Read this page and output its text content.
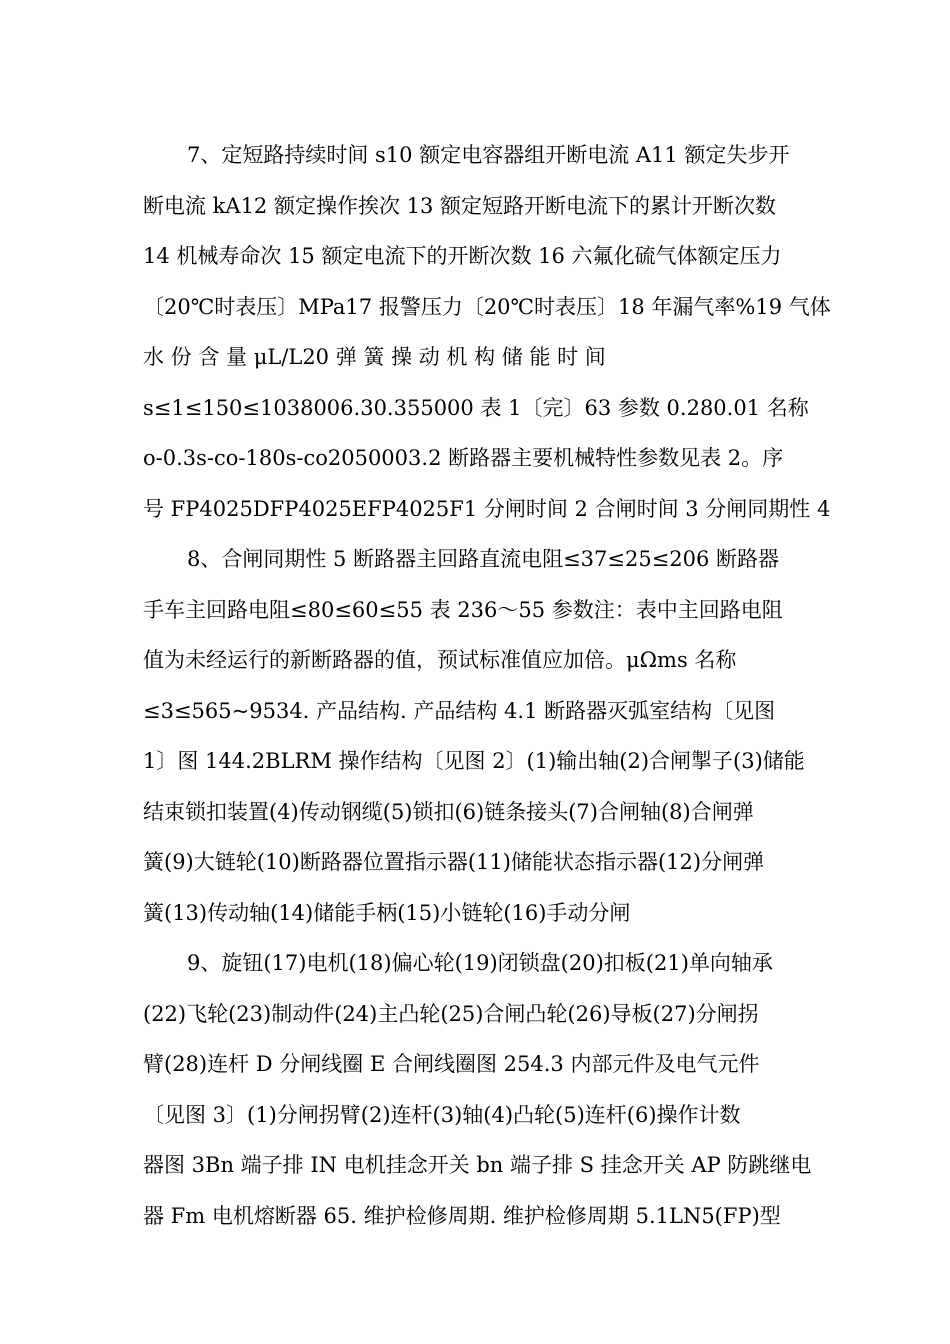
7、定短路持续时间 s10 额定电容器组开断电流 A11 额定失步开
断电流 kA12 额定操作挨次 13 额定短路开断电流下的累计开断次数
14 机械寿命次 15 额定电流下的开断次数 16 六氟化硫气体额定压力
〔20℃时表压〕MPa17 报警压力〔20℃时表压〕18 年漏气率%19 气体
水 份 含 量 μL/L20 弹 簧 操 动 机 构 储 能 时 间
s≤1≤150≤1038006.30.355000 表 1〔完〕63 参数 0.280.01 名称
o-0.3s-co-180s-co2050003.2 断路器主要机械特性参数见表 2。序
号 FP4025DFP4025EFP4025F1 分闸时间 2 合闸时间 3 分闸同期性 4
8、合闸同期性 5 断路器主回路直流电阻≤37≤25≤206 断路器
手车主回路电阻≤80≤60≤55 表 236～55 参数注：表中主回路电阻
值为未经运行的新断路器的值，预试标准值应加倍。μΩms 名称
≤3≤565~9534. 产品结构. 产品结构 4.1 断路器灭弧室结构〔见图
1〕图 144.2BLRM 操作结构〔见图 2〕(1)输出轴(2)合闸掣子(3)储能
结束锁扣装置(4)传动钢缆(5)锁扣(6)链条接头(7)合闸轴(8)合闸弹
簧(9)大链轮(10)断路器位置指示器(11)储能状态指示器(12)分闸弹
簧(13)传动轴(14)储能手柄(15)小链轮(16)手动分闸
9、旋钮(17)电机(18)偏心轮(19)闭锁盘(20)扣板(21)单向轴承
(22)飞轮(23)制动件(24)主凸轮(25)合闸凸轮(26)导板(27)分闸拐
臂(28)连杆 D 分闸线圈 E 合闸线圈图 254.3 内部元件及电气元件
〔见图 3〕(1)分闸拐臂(2)连杆(3)轴(4)凸轮(5)连杆(6)操作计数
器图 3Bn 端子排 IN 电机挂念开关 bn 端子排 S 挂念开关 AP 防跳继电
器 Fm 电机熔断器 65. 维护检修周期. 维护检修周期 5.1LN5(FP)型
